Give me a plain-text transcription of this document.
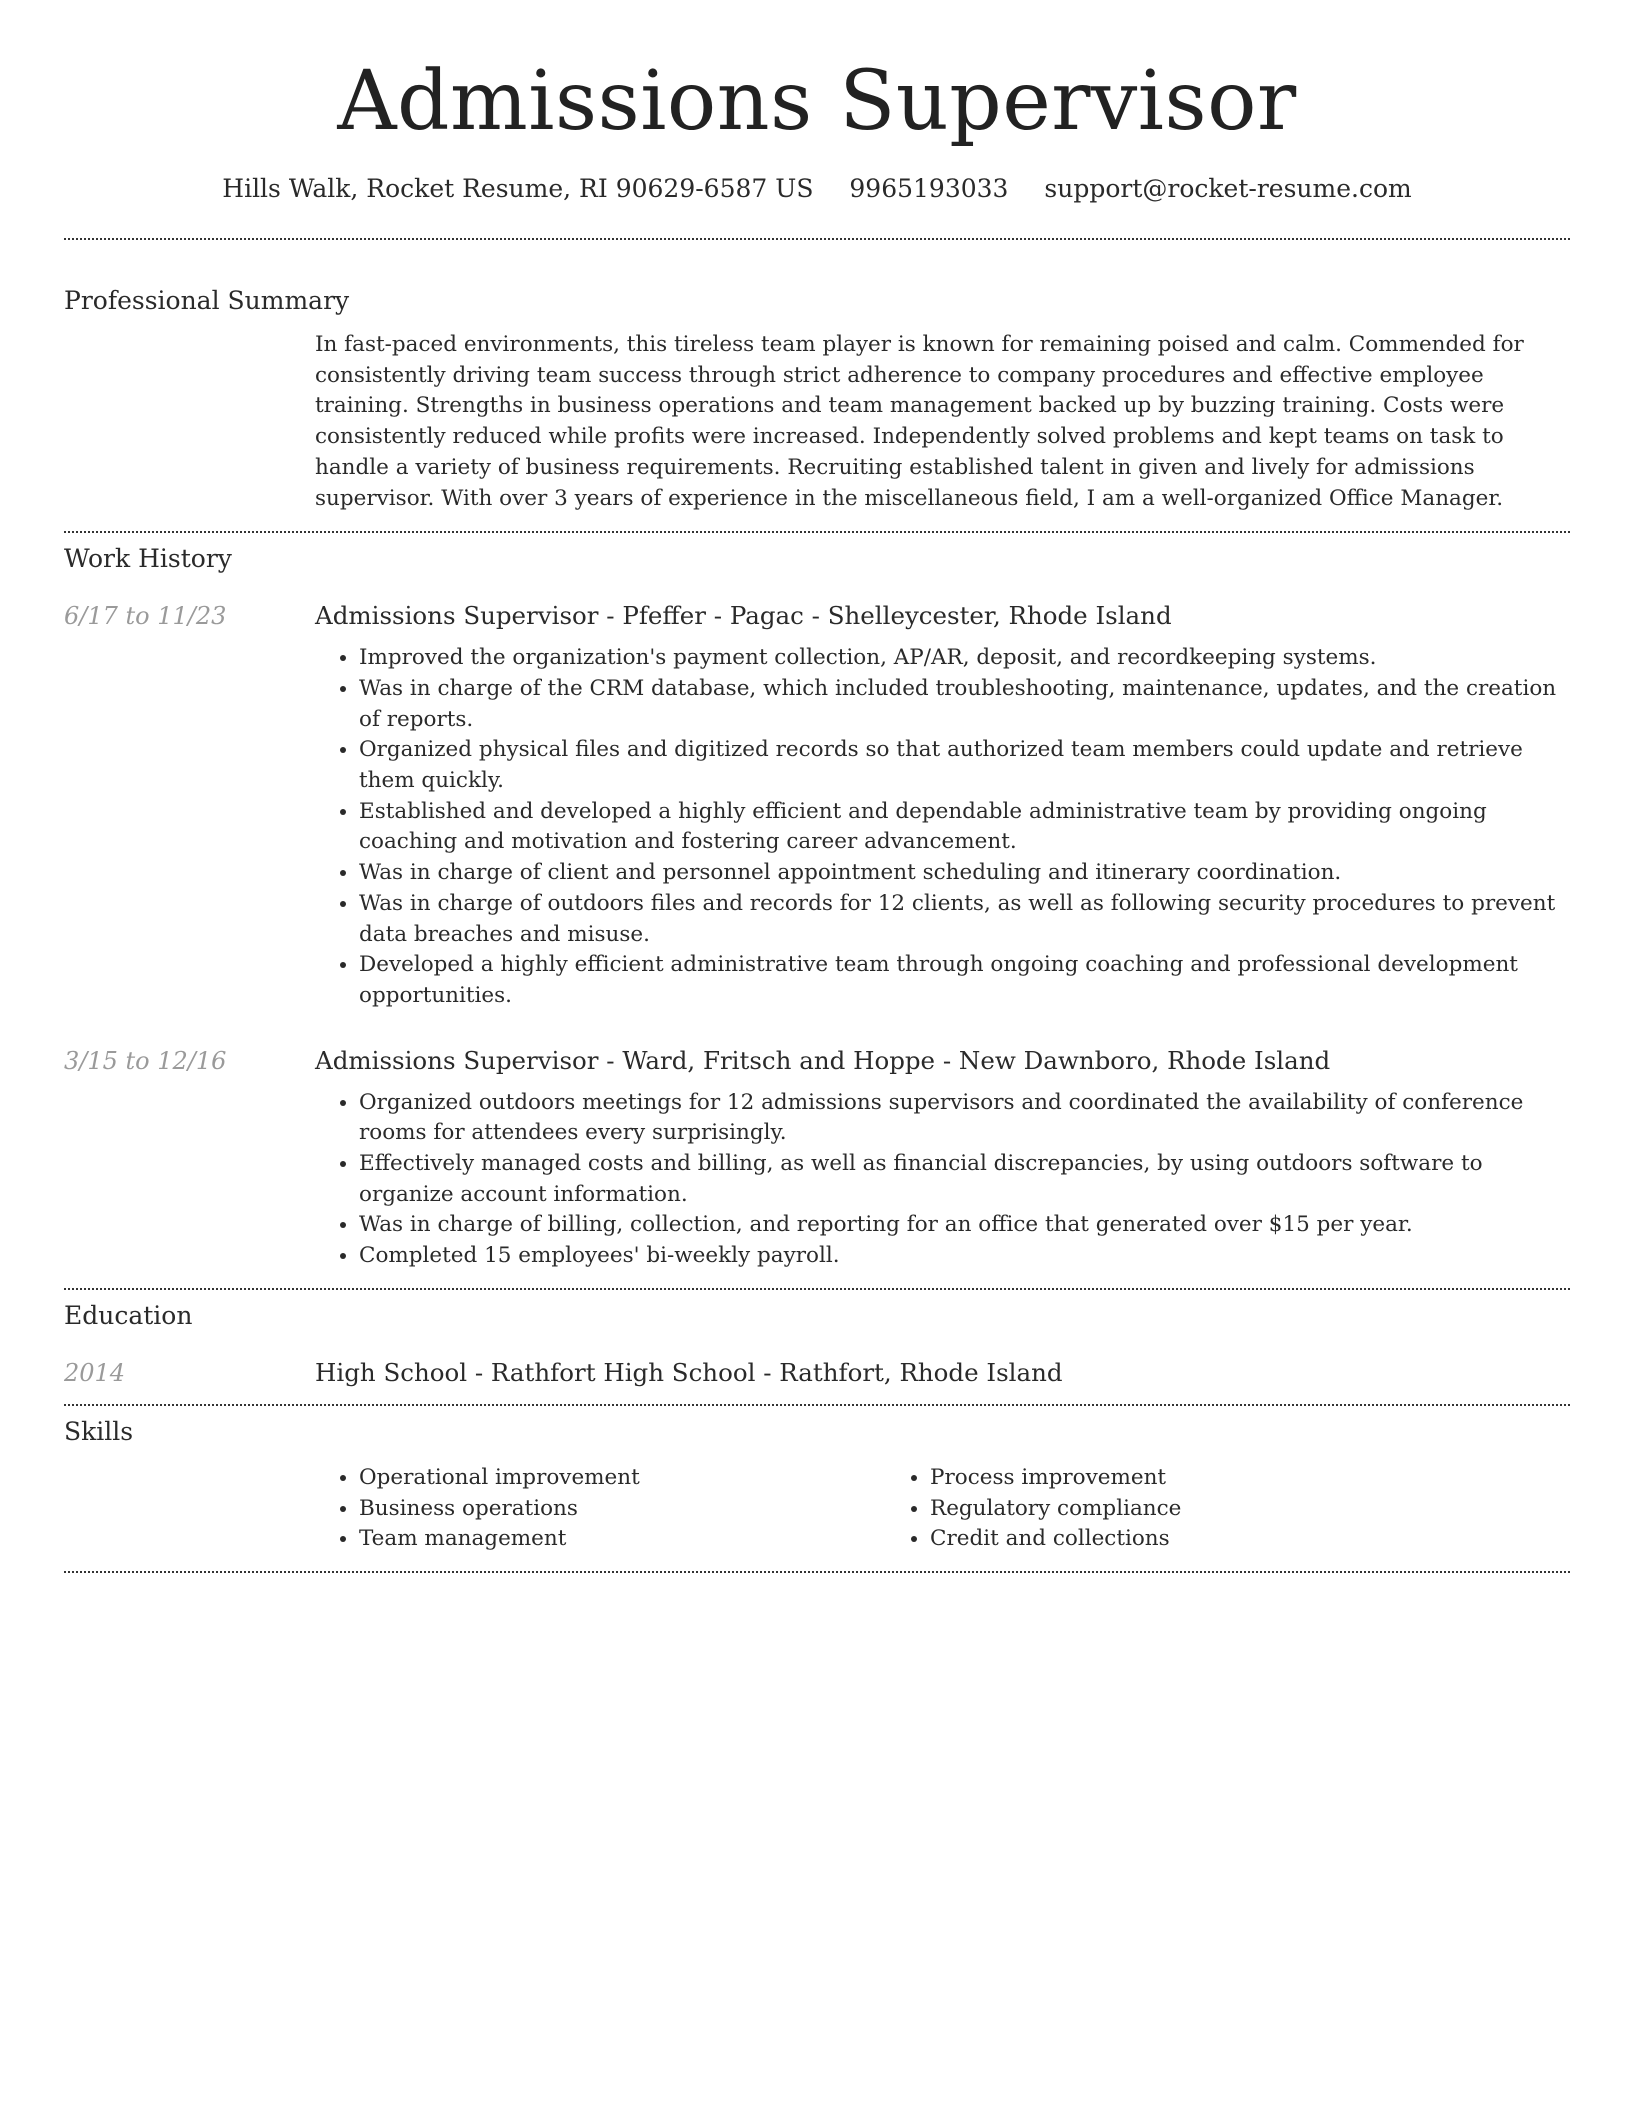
Admissions Supervisor
Hills Walk, Rocket Resume, RI 90629-6587 US 9965193033 support@rocket-resume.com
Professional Summary

In fast-paced environments, this tireless team player is known for remaining poised and calm. Commended for consistently driving team success through strict adherence to company procedures and effective employee training. Strengths in business operations and team management backed up by buzzing training. Costs were consistently reduced while profits were increased. Independently solved problems and kept teams on task to handle a variety of business requirements. Recruiting established talent in given and lively for admissions supervisor. With over 3 years of experience in the miscellaneous field, I am a well-organized Office Manager.

Work History
6/17 to 11/23	Admissions Supervisor - Pfeffer - Pagac - Shelleycester, Rhode Island
• Improved the organization's payment collection, AP/AR, deposit, and recordkeeping systems.
• Was in charge of the CRM database, which included troubleshooting, maintenance, updates, and the creation of reports.
• Organized physical files and digitized records so that authorized team members could update and retrieve them quickly.
• Established and developed a highly efficient and dependable administrative team by providing ongoing coaching and motivation and fostering career advancement.
• Was in charge of client and personnel appointment scheduling and itinerary coordination.
• Was in charge of outdoors files and records for 12 clients, as well as following security procedures to prevent data breaches and misuse.
• Developed a highly efficient administrative team through ongoing coaching and professional development opportunities.
3/15 to 12/16	Admissions Supervisor - Ward, Fritsch and Hoppe - New Dawnboro, Rhode Island
• Organized outdoors meetings for 12 admissions supervisors and coordinated the availability of conference rooms for attendees every surprisingly.
• Effectively managed costs and billing, as well as financial discrepancies, by using outdoors software to organize account information.
• Was in charge of billing, collection, and reporting for an office that generated over $15 per year.
• Completed 15 employees' bi-weekly payroll.
Education
2014	High School - Rathfort High School - Rathfort, Rhode Island
Skills
• Operational improvement
• Business operations
• Team management
• Process improvement
• Regulatory compliance
• Credit and collections
